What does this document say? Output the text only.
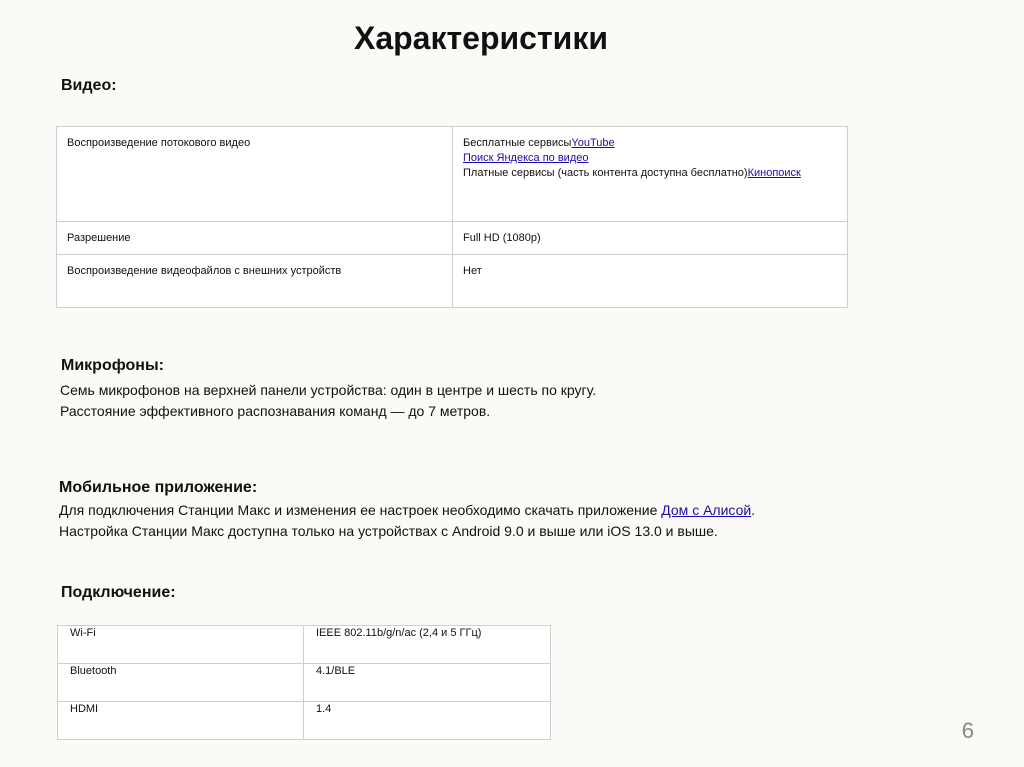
Характеристики
Видео:
Воспроизведение потокового видео	Бесплатные сервисыYouTube
Поиск Яндекса по видео
Платные сервисы (часть контента доступна бесплатно)Кинопоиск

Разрешение	Full HD (1080p)

Воспроизведение видеофайлов с внешних устройств	Нет
Микрофоны:
Семь микрофонов на верхней панели устройства: один в центре и шесть по кругу.
Расстояние эффективного распознавания команд — до 7 метров.
Мобильное приложение:
Для подключения Станции Макс и изменения ее настроек необходимо скачать приложение Дом с Алисой.
Настройка Станции Макс доступна только на устройствах с Android 9.0 и выше или iOS 13.0 и выше.
Подключение:
Wi-Fi	IEEE 802.11b/g/n/ac (2,4 и 5 ГГц)

Bluetooth	4.1/BLE

HDMI	1.4
6
